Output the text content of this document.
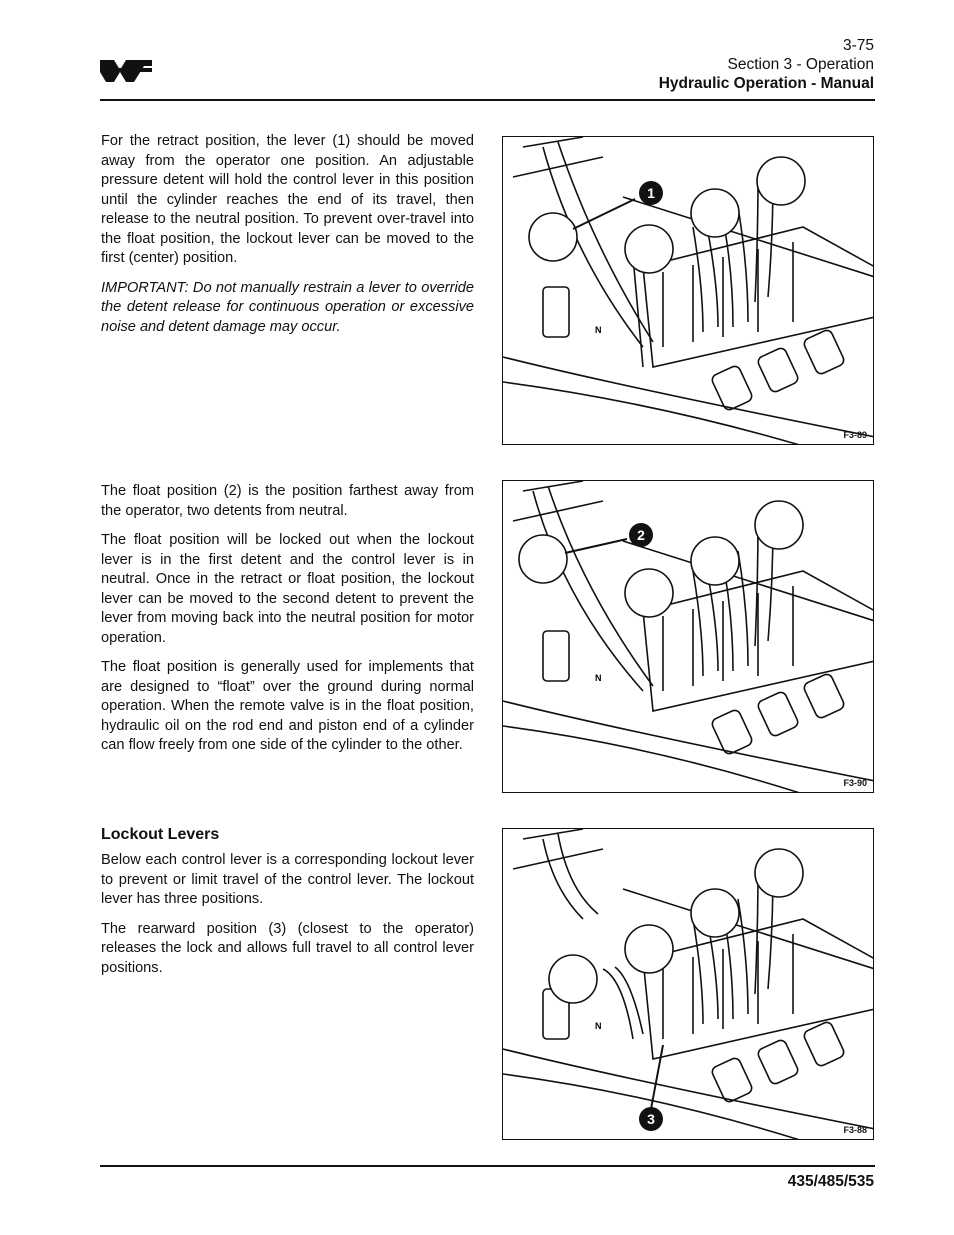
3-75
Section 3 - Operation
Hydraulic Operation - Manual

For the retract position, the lever (1) should be moved away from the operator one position. An adjustable pressure detent will hold the control lever in this position until the cylinder reaches the end of its travel, then release to the neutral position. To prevent over-travel into the float position, the lockout lever can be moved to the first (center) position.

IMPORTANT: Do not manually restrain a lever to override the detent release for continuous operation or excessive noise and detent damage may occur.

The float position (2) is the position farthest away from the operator, two detents from neutral.

The float position will be locked out when the lockout lever is in the first detent and the control lever is in neutral. Once in the retract or float position, the lockout lever can be moved to the second detent to prevent the lever from moving back into the neutral position for motor operation.

The float position is generally used for implements that are designed to “float” over the ground during normal operation. When the remote valve is in the float position, hydraulic oil on the rod end and piston end of a cylinder can flow freely from one side of the cylinder to the other.

Lockout Levers

Below each control lever is a corresponding lockout lever to prevent or limit travel of the control lever. The lockout lever has three positions.

The rearward position (3) (closest to the operator) releases the lock and allows full travel to all control lever positions.

1
N
F3-89
2
N
F3-90
3
N
F3-88
435/485/535
